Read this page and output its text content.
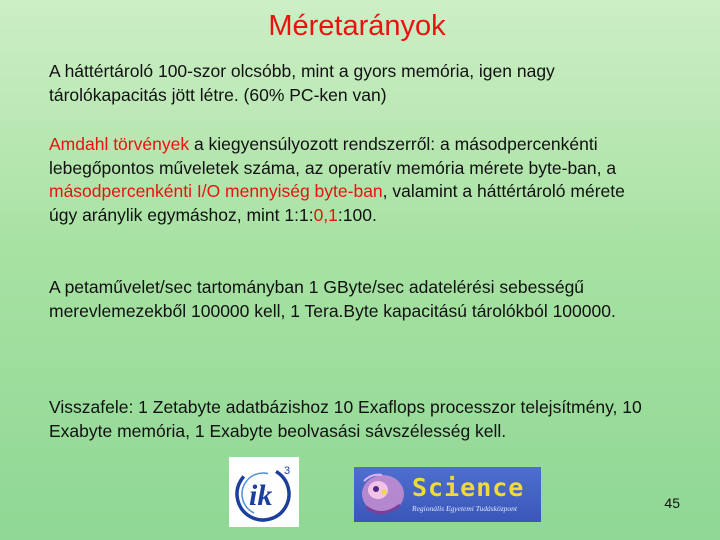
Méretarányok

A háttértároló 100-szor olcsóbb, mint a gyors memória, igen nagy tárolókapacitás jött létre. (60% PC-ken van)

Amdahl törvények a kiegyensúlyozott rendszerről: a másodpercenkénti lebegőpontos műveletek száma, az operatív memória mérete byte-ban, a másodpercenkénti I/O mennyiség byte-ban, valamint a háttértároló mérete úgy aránylik egymáshoz, mint 1:1:0,1:100.

A petaművelet/sec tartományban 1 GByte/sec adatelérési sebességű merevlemezekből 100000 kell, 1 Tera.Byte kapacitású tárolókból 100000.

Visszafele: 1 Zetabyte adatbázishoz 10 Exaflops processzor telejsítmény, 10 Exabyte memória, 1 Exabyte beolvasási sávszélesség kell.

ik
3
Science
Regionális Egyetemi Tudásközpont	45
